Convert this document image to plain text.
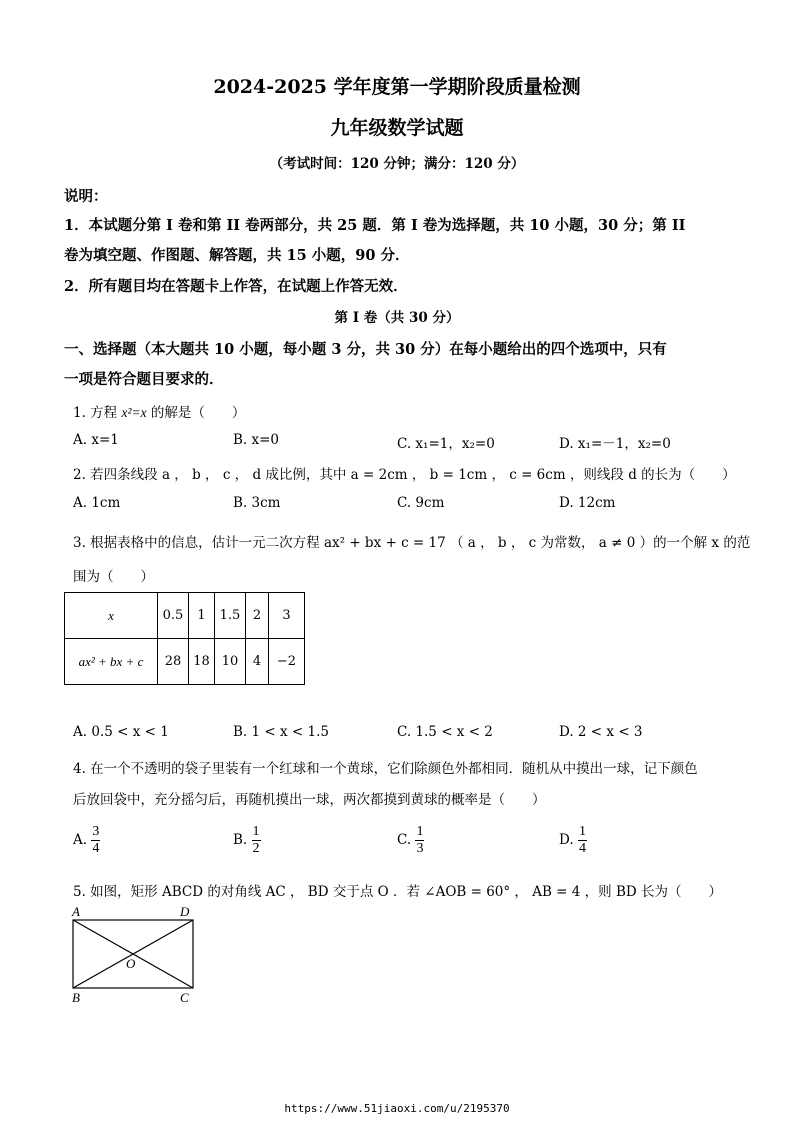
2024-2025 学年度第一学期阶段质量检测
九年级数学试题
（考试时间：120 分钟；满分：120 分）
说明：
1．本试题分第 I 卷和第 II 卷两部分，共 25 题．第 I 卷为选择题，共 10 小题，30 分；第 II
卷为填空题、作图题、解答题，共 15 小题，90 分．
2．所有题目均在答题卡上作答，在试题上作答无效．
第 I 卷（共 30 分）
一、选择题（本大题共 10 小题，每小题 3 分，共 30 分）在每小题给出的四个选项中，只有
一项是符合题目要求的．
1. 方程 x²=x 的解是（　　）
A. x=1	B. x=0	C. x₁=1，x₂=0	D. x₁=－1，x₂=0
2. 若四条线段 a ， b ， c ， d 成比例，其中 a = 2cm ， b = 1cm ， c = 6cm ，则线段 d 的长为（　　）
A. 1cm	B. 3cm	C. 9cm	D. 12cm
3. 根据表格中的信息，估计一元二次方程 ax² + bx + c = 17 （ a ， b ， c 为常数， a ≠ 0 ）的一个解 x 的范
围为（　　）
x	0.5	1	1.5	2	3
ax² + bx + c	28	18	10	4	−2
A. 0.5 < x < 1	B. 1 < x < 1.5	C. 1.5 < x < 2	D. 2 < x < 3
4. 在一个不透明的袋子里装有一个红球和一个黄球，它们除颜色外都相同．随机从中摸出一球，记下颜色
后放回袋中，充分摇匀后，再随机摸出一球，两次都摸到黄球的概率是（　　）
A. $\frac{3}{4}$	B. $\frac{1}{2}$	C. $\frac{1}{3}$	D. $\frac{1}{4}$
5. 如图，矩形 ABCD 的对角线 AC ， BD 交于点 O ．若 ∠AOB = 60° ， AB = 4 ，则 BD 长为（　　）
A	D
O
B	C
https://www.51jiaoxi.com/u/2195370
